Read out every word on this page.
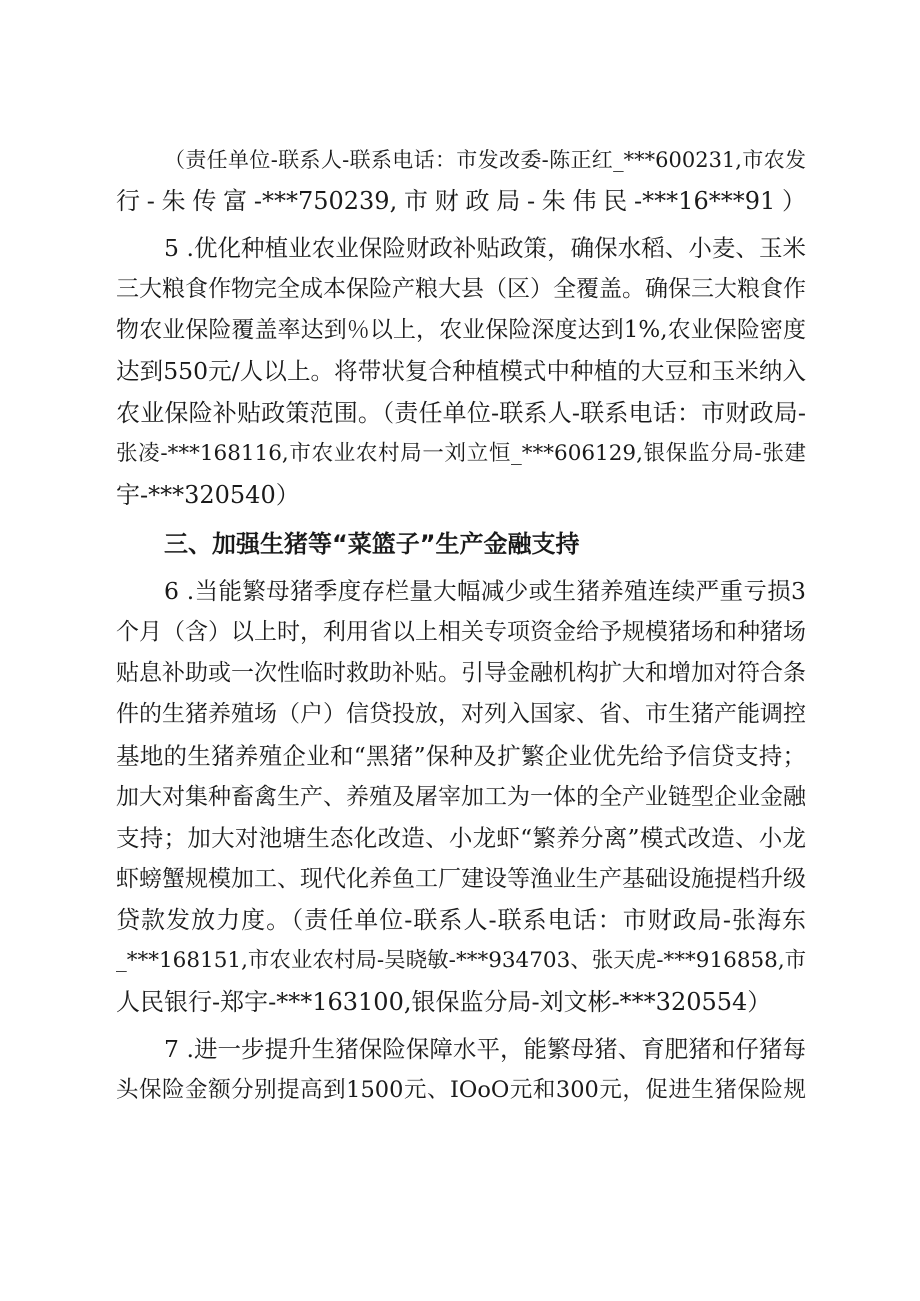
（责任单位-联系人-联系电话：市发改委-陈正红_***600231,市农发
行-朱传富-***750239,市财政局-朱伟民-***16***91）
5 .优化种植业农业保险财政补贴政策，确保水稻、小麦、玉米
三大粮食作物完全成本保险产粮大县（区）全覆盖。确保三大粮食作
物农业保险覆盖率达到％以上，农业保险深度达到1%,农业保险密度
达到550元/人以上。将带状复合种植模式中种植的大豆和玉米纳入
农业保险补贴政策范围。（责任单位-联系人-联系电话：市财政局-
张凌-***168116,市农业农村局一刘立恒_***606129,银保监分局-张建
宇-***320540）
三、加强生猪等“菜篮子”生产金融支持
6 .当能繁母猪季度存栏量大幅减少或生猪养殖连续严重亏损3
个月（含）以上时，利用省以上相关专项资金给予规模猪场和种猪场
贴息补助或一次性临时救助补贴。引导金融机构扩大和增加对符合条
件的生猪养殖场（户）信贷投放，对列入国家、省、市生猪产能调控
基地的生猪养殖企业和“黑猪”保种及扩繁企业优先给予信贷支持；
加大对集种畜禽生产、养殖及屠宰加工为一体的全产业链型企业金融
支持；加大对池塘生态化改造、小龙虾“繁养分离”模式改造、小龙
虾螃蟹规模加工、现代化养鱼工厂建设等渔业生产基础设施提档升级
贷款发放力度。（责任单位-联系人-联系电话：市财政局-张海东
_***168151,市农业农村局-吴晓敏-***934703、张天虎-***916858,市
人民银行-郑宇-***163100,银保监分局-刘文彬-***320554）
7 .进一步提升生猪保险保障水平，能繁母猪、育肥猪和仔猪每
头保险金额分别提高到1500元、IOoO元和300元，促进生猪保险规
